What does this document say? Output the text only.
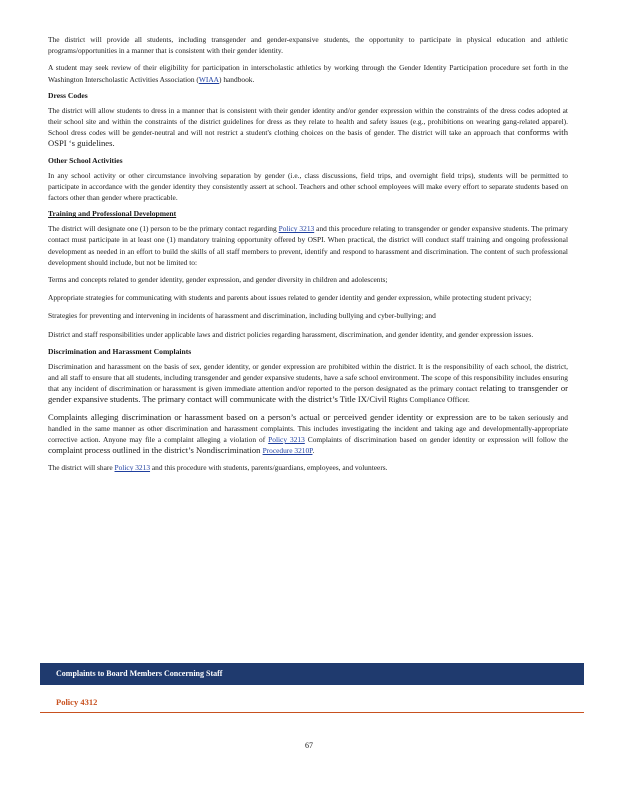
The district will provide all students, including transgender and gender-expansive students, the opportunity to participate in physical education and athletic programs/opportunities in a manner that is consistent with their gender identity.

A student may seek review of their eligibility for participation in interscholastic athletics by working through the Gender Identity Participation procedure set forth in the Washington Interscholastic Activities Association (WIAA) handbook.

Dress Codes

The district will allow students to dress in a manner that is consistent with their gender identity and/or gender expression within the constraints of the dress codes adopted at their school site and within the constraints of the district guidelines for dress as they relate to health and safety issues (e.g., prohibitions on wearing gang-related apparel). School dress codes will be gender-neutral and will not restrict a student's clothing choices on the basis of gender. The district will take an approach that conforms with OSPI ‘s guidelines.

Other School Activities

In any school activity or other circumstance involving separation by gender (i.e., class discussions, field trips, and overnight field trips), students will be permitted to participate in accordance with the gender identity they consistently assert at school. Teachers and other school employees will make every effort to separate students based on factors other than gender where practicable.

Training and Professional Development

The district will designate one (1) person to be the primary contact regarding Policy 3213 and this procedure relating to transgender or gender expansive students. The primary contact must participate in at least one (1) mandatory training opportunity offered by OSPI. When practical, the district will conduct staff training and ongoing professional development as needed in an effort to build the skills of all staff members to prevent, identify and respond to harassment and discrimination. The content of such professional development should include, but not be limited to:

Terms and concepts related to gender identity, gender expression, and gender diversity in children and adolescents;
Appropriate strategies for communicating with students and parents about issues related to gender identity and gender expression, while protecting student privacy;
Strategies for preventing and intervening in incidents of harassment and discrimination, including bullying and cyber-bullying; and
District and staff responsibilities under applicable laws and district policies regarding harassment, discrimination, and gender identity, and gender expression issues.
Discrimination and Harassment Complaints

Discrimination and harassment on the basis of sex, gender identity, or gender expression are prohibited within the district. It is the responsibility of each school, the district, and all staff to ensure that all students, including transgender and gender expansive students, have a safe school environment. The scope of this responsibility includes ensuring that any incident of discrimination or harassment is given immediate attention and/or reported to the person designated as the primary contact relating to transgender or gender expansive students. The primary contact will communicate with the district’s Title IX/Civil Rights Compliance Officer.

Complaints alleging discrimination or harassment based on a person’s actual or perceived gender identity or expression are to be taken seriously and handled in the same manner as other discrimination and harassment complaints. This includes investigating the incident and taking age and developmentally-appropriate corrective action. Anyone may file a complaint alleging a violation of Policy 3213 Complaints of discrimination based on gender identity or expression will follow the complaint process outlined in the district’s Nondiscrimination Procedure 3210P.

The district will share Policy 3213 and this procedure with students, parents/guardians, employees, and volunteers.

Complaints to Board Members Concerning Staff
Policy 4312
67
